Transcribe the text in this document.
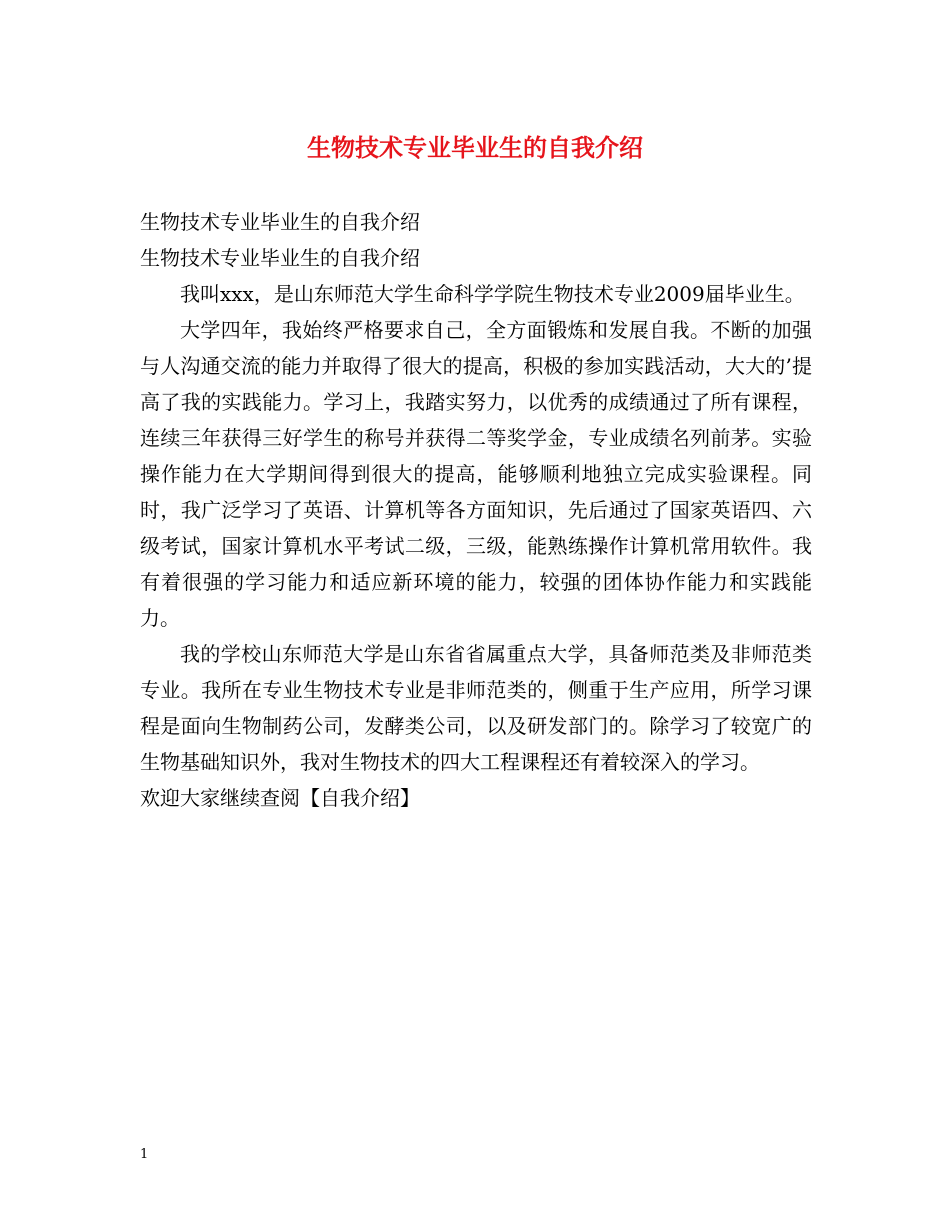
生物技术专业毕业生的自我介绍

生物技术专业毕业生的自我介绍

生物技术专业毕业生的自我介绍

我叫xxx，是山东师范大学生命科学学院生物技术专业2009届毕业生。

大学四年，我始终严格要求自己，全方面锻炼和发展自我。不断的加强与人沟通交流的能力并取得了很大的提高，积极的参加实践活动，大大的’提高了我的实践能力。学习上，我踏实努力，以优秀的成绩通过了所有课程，连续三年获得三好学生的称号并获得二等奖学金，专业成绩名列前茅。实验操作能力在大学期间得到很大的提高，能够顺利地独立完成实验课程。同时，我广泛学习了英语、计算机等各方面知识，先后通过了国家英语四、六级考试，国家计算机水平考试二级，三级，能熟练操作计算机常用软件。我有着很强的学习能力和适应新环境的能力，较强的团体协作能力和实践能力。

我的学校山东师范大学是山东省省属重点大学，具备师范类及非师范类专业。我所在专业生物技术专业是非师范类的，侧重于生产应用，所学习课程是面向生物制药公司，发酵类公司，以及研发部门的。除学习了较宽广的生物基础知识外，我对生物技术的四大工程课程还有着较深入的学习。

欢迎大家继续查阅【自我介绍】

1
